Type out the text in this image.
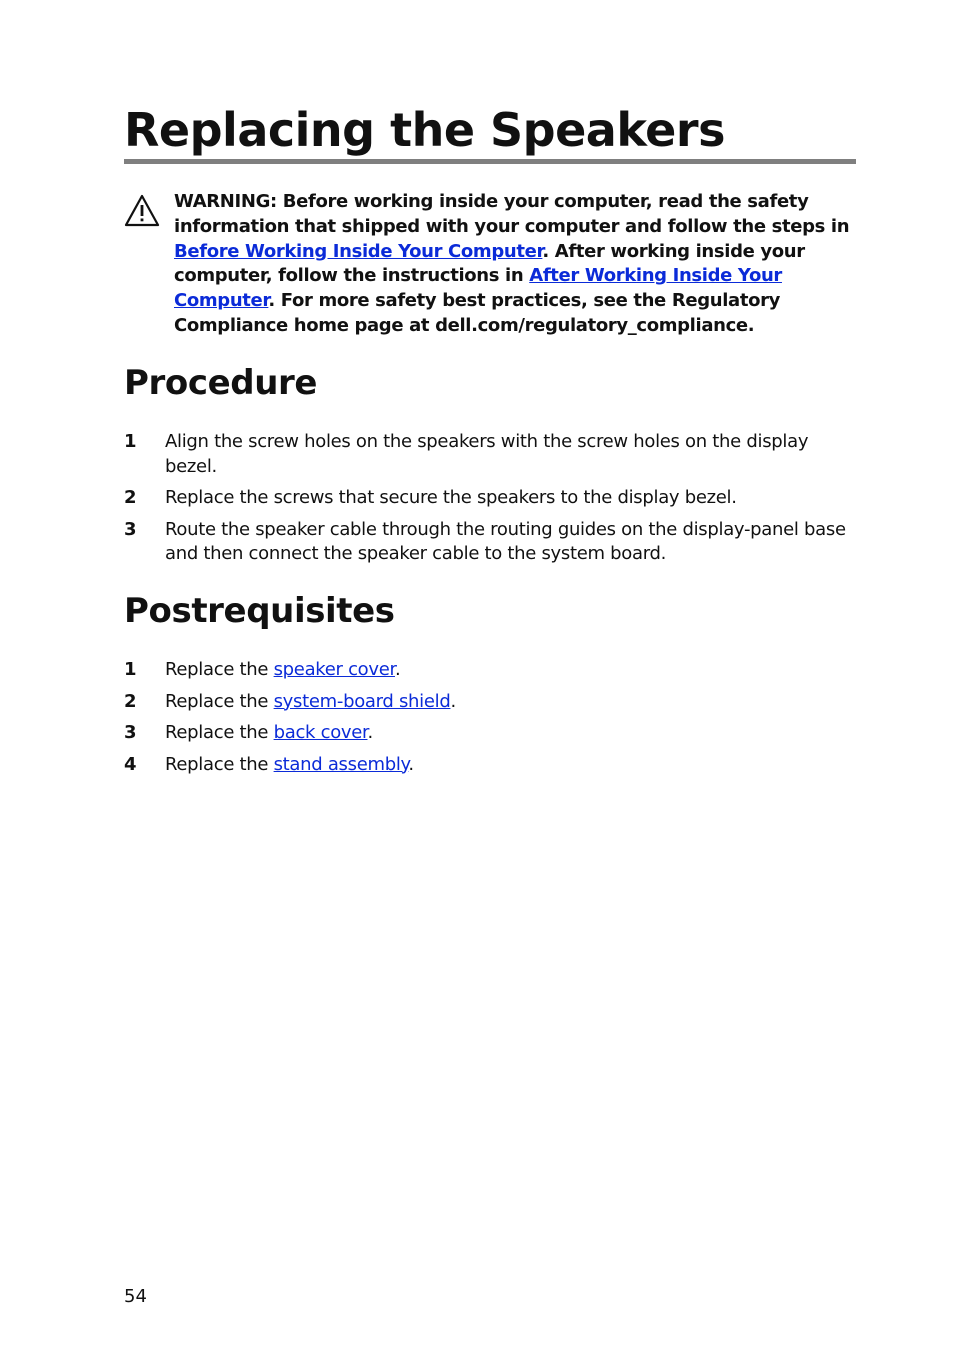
Replacing the Speakers

WARNING: Before working inside your computer, read the safety information that shipped with your computer and follow the steps in Before Working Inside Your Computer. After working inside your computer, follow the instructions in After Working Inside Your Computer. For more safety best practices, see the Regulatory Compliance home page at dell.com/regulatory_compliance.

Procedure
1 Align the screw holes on the speakers with the screw holes on the display bezel.
2 Replace the screws that secure the speakers to the display bezel.
3 Route the speaker cable through the routing guides on the display-panel base and then connect the speaker cable to the system board.
Postrequisites
1 Replace the speaker cover.
2 Replace the system-board shield.
3 Replace the back cover.
4 Replace the stand assembly.
54
